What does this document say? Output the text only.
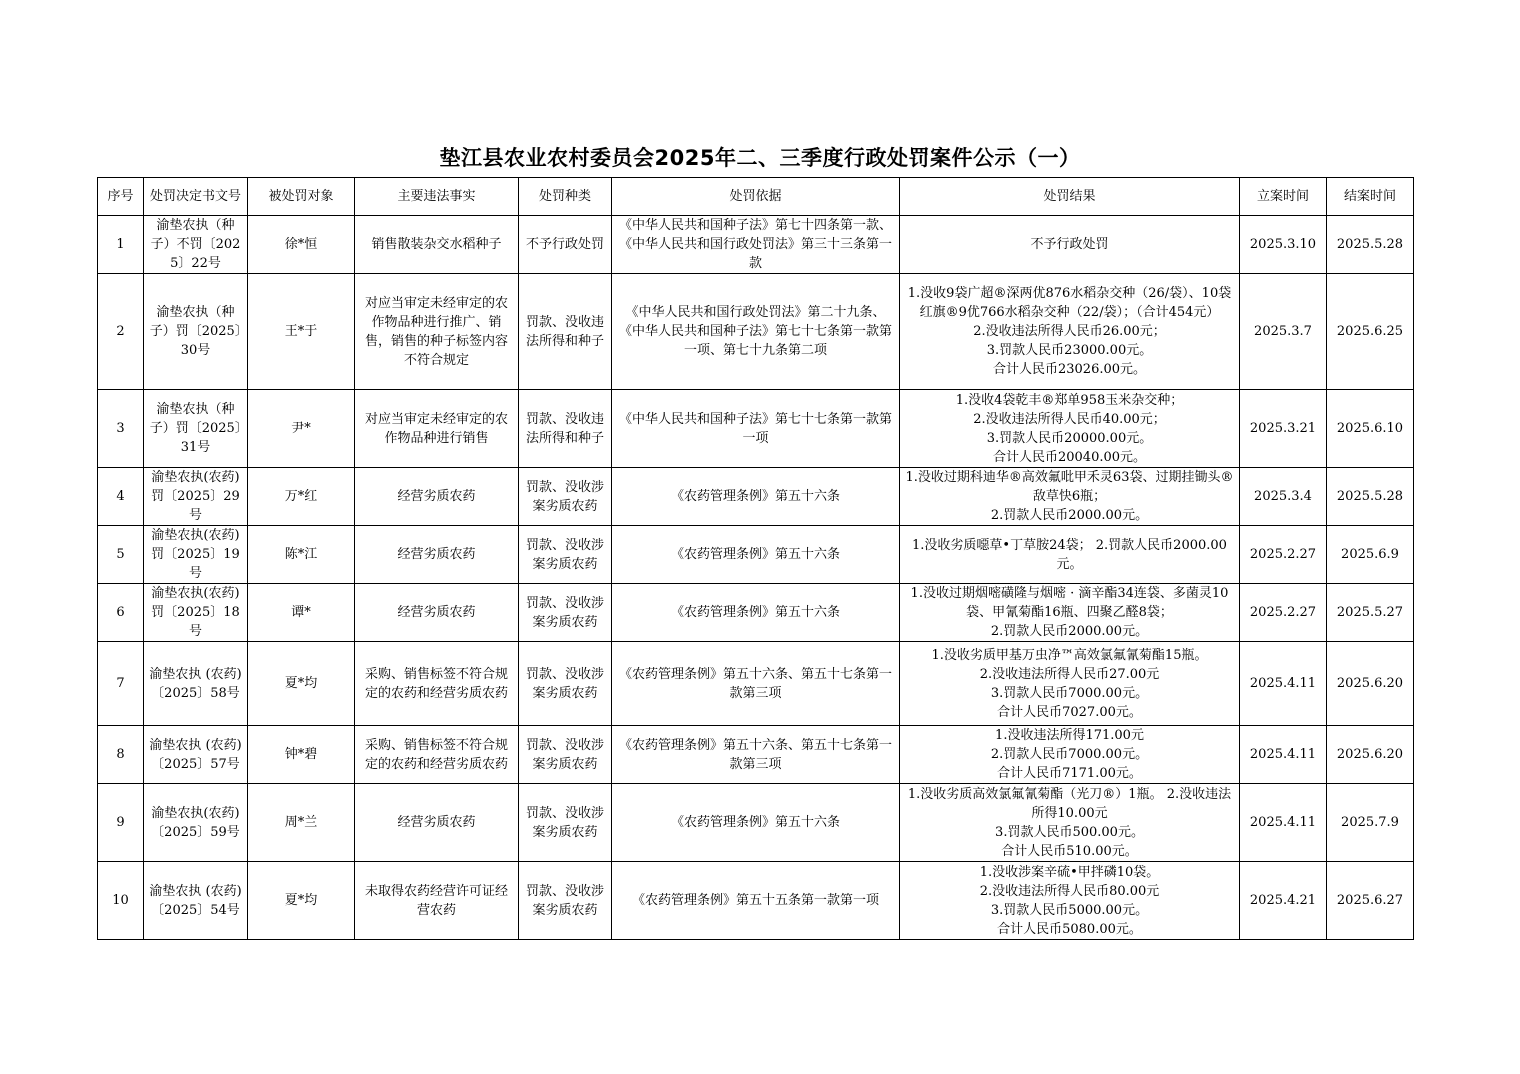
垫江县农业农村委员会2025年二、三季度行政处罚案件公示（一）
序号	处罚决定书文号	被处罚对象	主要违法事实	处罚种类	处罚依据	处罚结果	立案时间	结案时间
1	渝垫农执（种子）不罚〔2025〕22号	徐*恒	销售散装杂交水稻种子	不予行政处罚	《中华人民共和国种子法》第七十四条第一款、《中华人民共和国行政处罚法》第三十三条第一款	不予行政处罚	2025.3.10	2025.5.28
2	渝垫农执（种子）罚〔2025〕30号	王*于	对应当审定未经审定的农作物品种进行推广、销售，销售的种子标签内容不符合规定	罚款、没收违法所得和种子	《中华人民共和国行政处罚法》第二十九条、《中华人民共和国种子法》第七十七条第一款第一项、第七十九条第二项	1.没收9袋广超®深两优876水稻杂交种（26/袋）、10袋红旗®9优766水稻杂交种（22/袋）；（合计454元）
2.没收违法所得人民币26.00元；
3.罚款人民币23000.00元。
合计人民币23026.00元。	2025.3.7	2025.6.25
3	渝垫农执（种子）罚〔2025〕31号	尹*	对应当审定未经审定的农作物品种进行销售	罚款、没收违法所得和种子	《中华人民共和国种子法》第七十七条第一款第一项	1.没收4袋乾丰®郑单958玉米杂交种；
2.没收违法所得人民币40.00元；
3.罚款人民币20000.00元。
合计人民币20040.00元。	2025.3.21	2025.6.10
4	渝垫农执(农药)罚〔2025〕29号	万*红	经营劣质农药	罚款、没收涉案劣质农药	《农药管理条例》第五十六条	1.没收过期科迪华®高效氟吡甲禾灵63袋、过期挂锄头®敌草快6瓶；
2.罚款人民币2000.00元。	2025.3.4	2025.5.28
5	渝垫农执(农药)罚〔2025〕19号	陈*江	经营劣质农药	罚款、没收涉案劣质农药	《农药管理条例》第五十六条	1.没收劣质噁草•丁草胺24袋； 2.罚款人民币2000.00元。	2025.2.27	2025.6.9
6	渝垫农执(农药)罚〔2025〕18号	谭*	经营劣质农药	罚款、没收涉案劣质农药	《农药管理条例》第五十六条	1.没收过期烟嘧磺隆与烟嘧 · 滴辛酯34连袋、多菌灵10袋、甲氰菊酯16瓶、四聚乙醛8袋；
2.罚款人民币2000.00元。	2025.2.27	2025.5.27
7	渝垫农执 (农药)〔2025〕58号	夏*均	采购、销售标签不符合规定的农药和经营劣质农药	罚款、没收涉案劣质农药	《农药管理条例》第五十六条、第五十七条第一款第三项	1.没收劣质甲基万虫净™高效氯氟氰菊酯15瓶。
2.没收违法所得人民币27.00元
3.罚款人民币7000.00元。
合计人民币7027.00元。	2025.4.11	2025.6.20
8	渝垫农执 (农药)〔2025〕57号	钟*碧	采购、销售标签不符合规定的农药和经营劣质农药	罚款、没收涉案劣质农药	《农药管理条例》第五十六条、第五十七条第一款第三项	1.没收违法所得171.00元
2.罚款人民币7000.00元。
合计人民币7171.00元。	2025.4.11	2025.6.20
9	渝垫农执(农药)〔2025〕59号	周*兰	经营劣质农药	罚款、没收涉案劣质农药	《农药管理条例》第五十六条	1.没收劣质高效氯氟氰菊酯（光刀®）1瓶。 2.没收违法所得10.00元
3.罚款人民币500.00元。
合计人民币510.00元。	2025.4.11	2025.7.9
10	渝垫农执 (农药)〔2025〕54号	夏*均	未取得农药经营许可证经营农药	罚款、没收涉案劣质农药	《农药管理条例》第五十五条第一款第一项	1.没收涉案辛硫•甲拌磷10袋。
2.没收违法所得人民币80.00元
3.罚款人民币5000.00元。
合计人民币5080.00元。	2025.4.21	2025.6.27
